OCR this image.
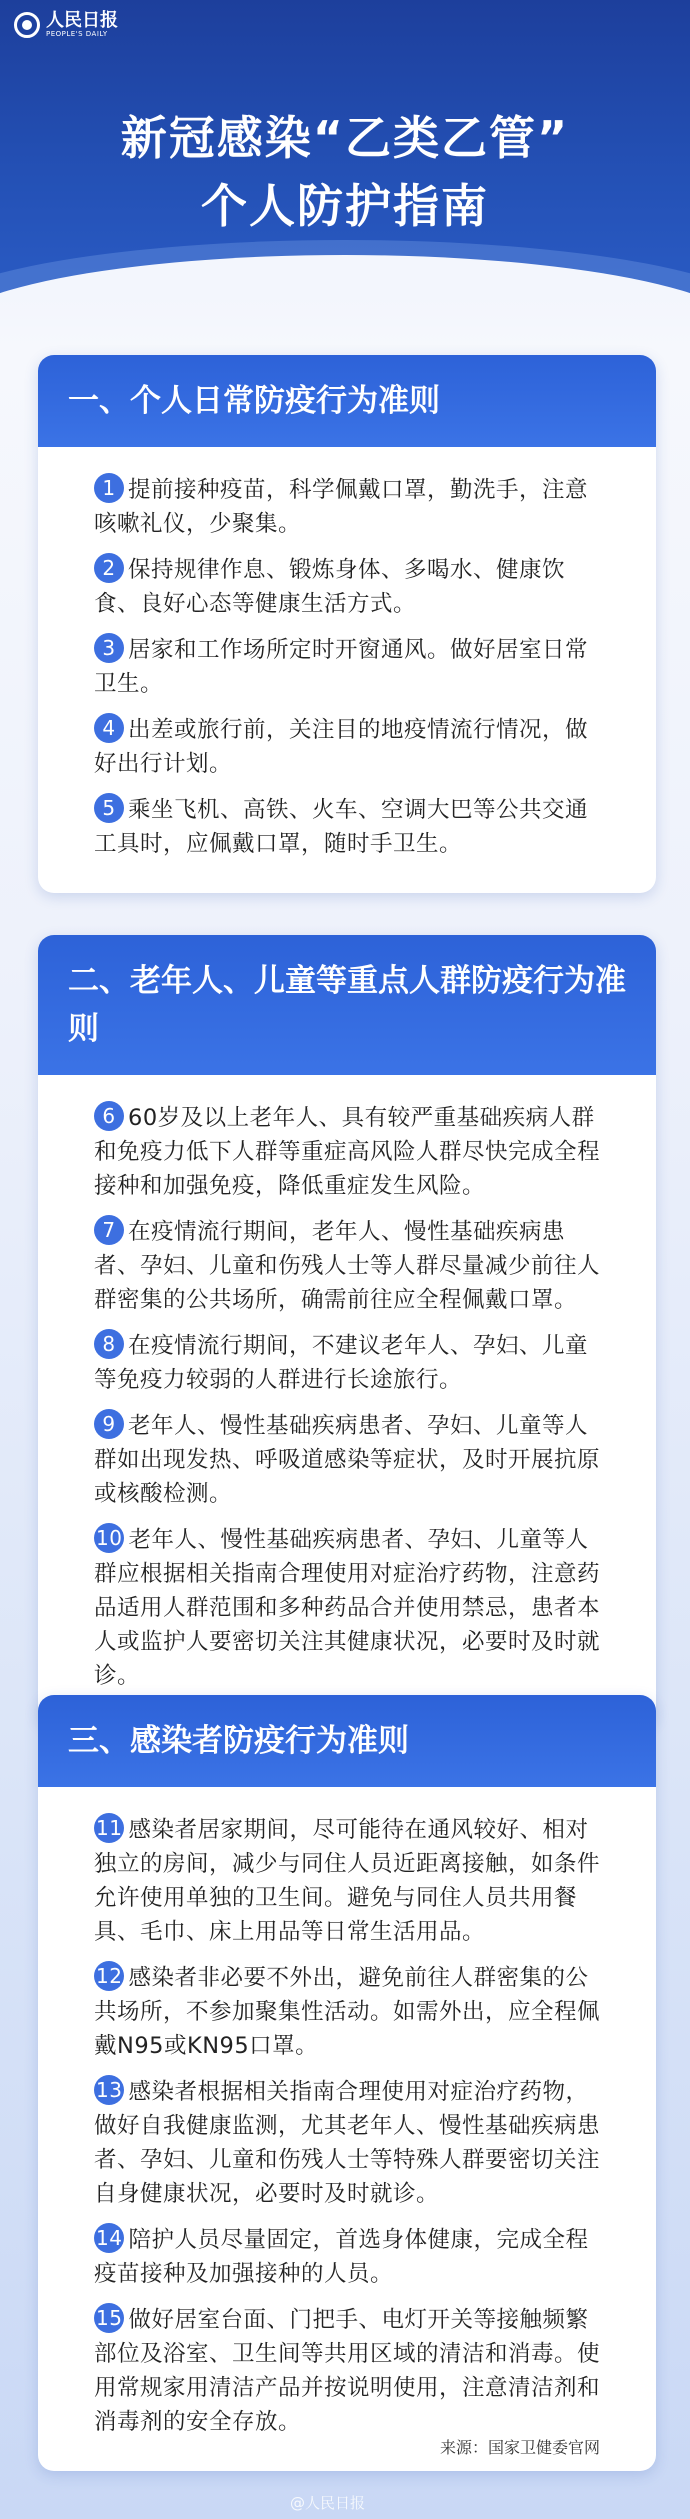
人民日报
PEOPLE'S DAILY
新冠感染“乙类乙管”
个人防护指南
一、个人日常防疫行为准则
1 提前接种疫苗，科学佩戴口罩，勤洗手，注意咳嗽礼仪，少聚集。
2 保持规律作息、锻炼身体、多喝水、健康饮食、良好心态等健康生活方式。
3 居家和工作场所定时开窗通风。做好居室日常卫生。
4 出差或旅行前，关注目的地疫情流行情况，做好出行计划。
5 乘坐飞机、高铁、火车、空调大巴等公共交通工具时，应佩戴口罩，随时手卫生。
二、老年人、儿童等重点人群防疫行为准则
6 60岁及以上老年人、具有较严重基础疾病人群和免疫力低下人群等重症高风险人群尽快完成全程接种和加强免疫，降低重症发生风险。
7 在疫情流行期间，老年人、慢性基础疾病患者、孕妇、儿童和伤残人士等人群尽量减少前往人群密集的公共场所，确需前往应全程佩戴口罩。
8 在疫情流行期间，不建议老年人、孕妇、儿童等免疫力较弱的人群进行长途旅行。
9 老年人、慢性基础疾病患者、孕妇、儿童等人群如出现发热、呼吸道感染等症状，及时开展抗原或核酸检测。
10 老年人、慢性基础疾病患者、孕妇、儿童等人群应根据相关指南合理使用对症治疗药物，注意药品适用人群范围和多种药品合并使用禁忌，患者本人或监护人要密切关注其健康状况，必要时及时就诊。
三、感染者防疫行为准则
11 感染者居家期间，尽可能待在通风较好、相对独立的房间，减少与同住人员近距离接触，如条件允许使用单独的卫生间。避免与同住人员共用餐具、毛巾、床上用品等日常生活用品。
12 感染者非必要不外出，避免前往人群密集的公共场所，不参加聚集性活动。如需外出，应全程佩戴N95或KN95口罩。
13 感染者根据相关指南合理使用对症治疗药物，做好自我健康监测，尤其老年人、慢性基础疾病患者、孕妇、儿童和伤残人士等特殊人群要密切关注自身健康状况，必要时及时就诊。
14 陪护人员尽量固定，首选身体健康，完成全程疫苗接种及加强接种的人员。
15 做好居室台面、门把手、电灯开关等接触频繁部位及浴室、卫生间等共用区域的清洁和消毒。使用常规家用清洁产品并按说明使用，注意清洁剂和消毒剂的安全存放。
来源：国家卫健委官网
@人民日报
